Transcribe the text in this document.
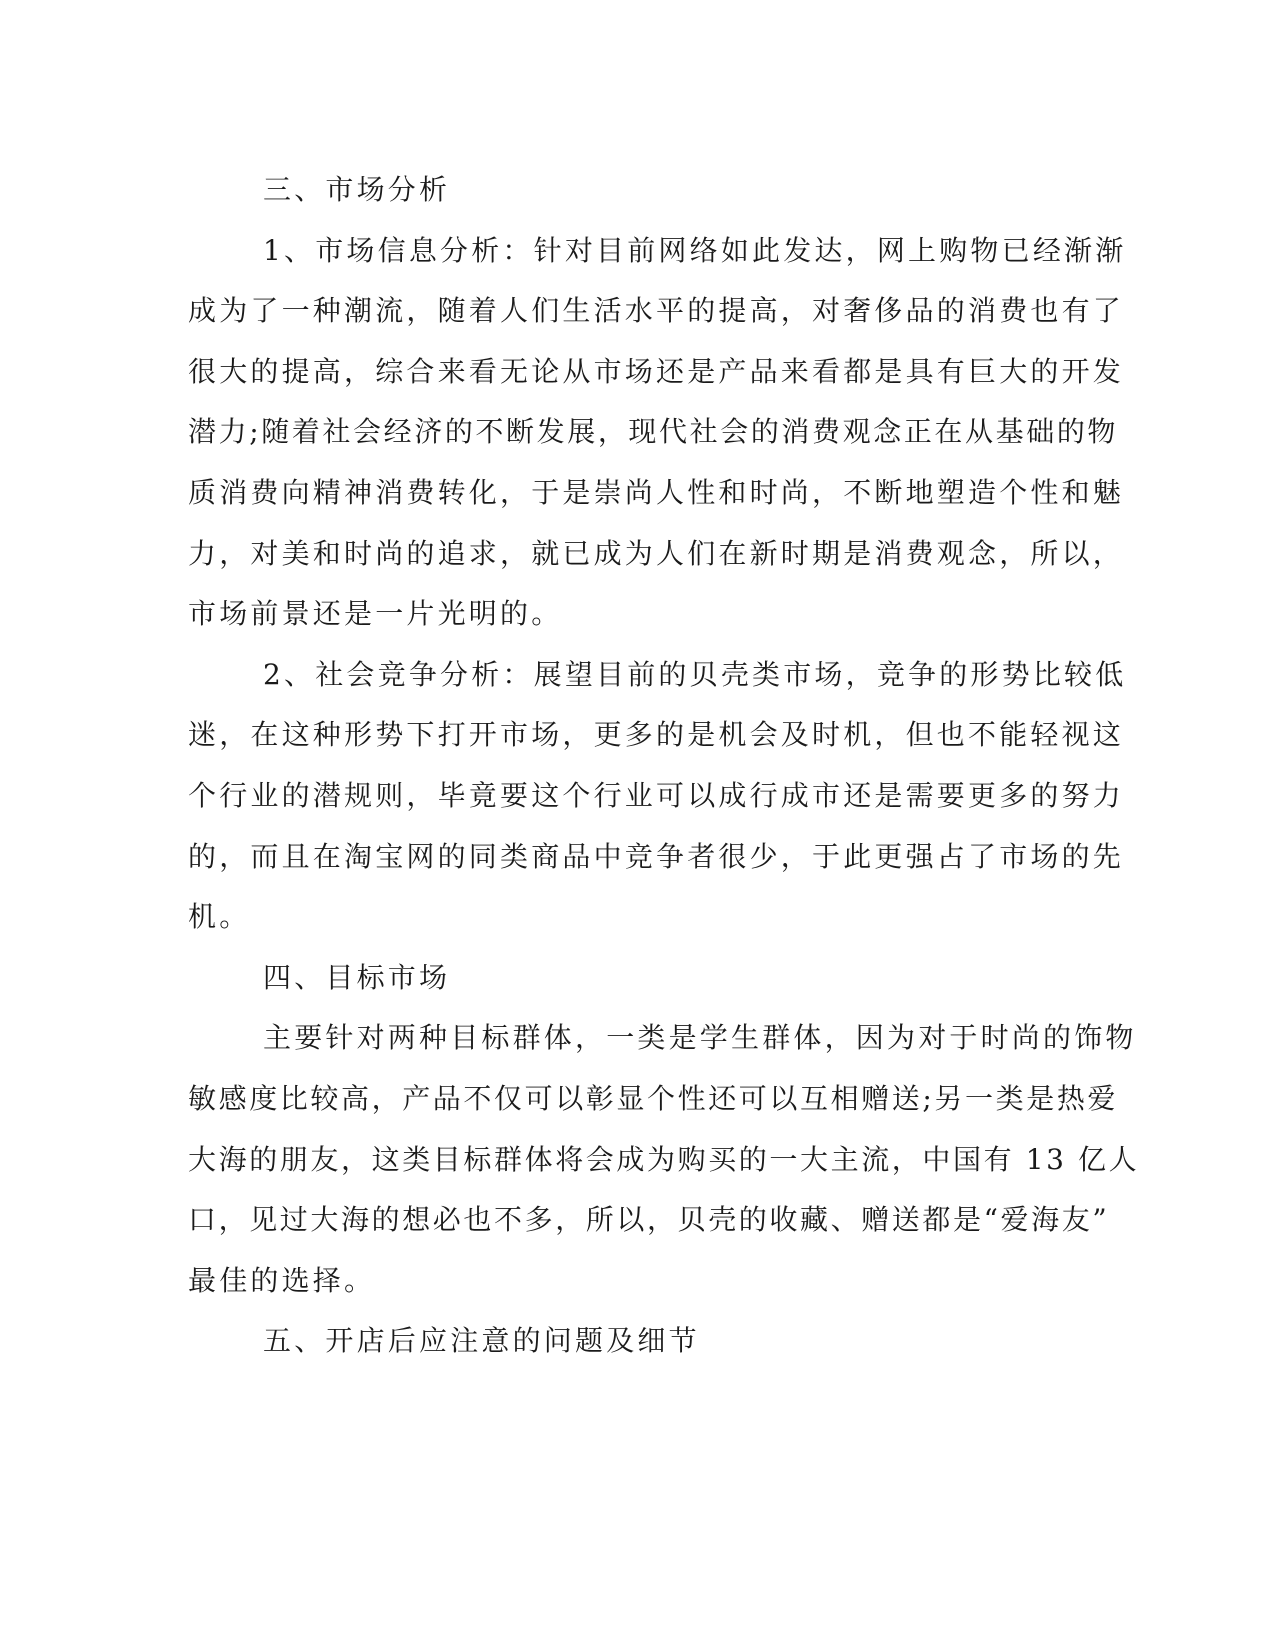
三、市场分析
1、市场信息分析：针对目前网络如此发达，网上购物已经渐渐
成为了一种潮流，随着人们生活水平的提高，对奢侈品的消费也有了
很大的提高，综合来看无论从市场还是产品来看都是具有巨大的开发
潜力;随着社会经济的不断发展，现代社会的消费观念正在从基础的物
质消费向精神消费转化，于是崇尚人性和时尚，不断地塑造个性和魅
力，对美和时尚的追求，就已成为人们在新时期是消费观念，所以，
市场前景还是一片光明的。
2、社会竞争分析：展望目前的贝壳类市场，竞争的形势比较低
迷，在这种形势下打开市场，更多的是机会及时机，但也不能轻视这
个行业的潜规则，毕竟要这个行业可以成行成市还是需要更多的努力
的，而且在淘宝网的同类商品中竞争者很少，于此更强占了市场的先
机。
四、目标市场
主要针对两种目标群体，一类是学生群体，因为对于时尚的饰物
敏感度比较高，产品不仅可以彰显个性还可以互相赠送;另一类是热爱
大海的朋友，这类目标群体将会成为购买的一大主流，中国有 13 亿人
口，见过大海的想必也不多，所以，贝壳的收藏、赠送都是“爱海友”
最佳的选择。
五、开店后应注意的问题及细节
